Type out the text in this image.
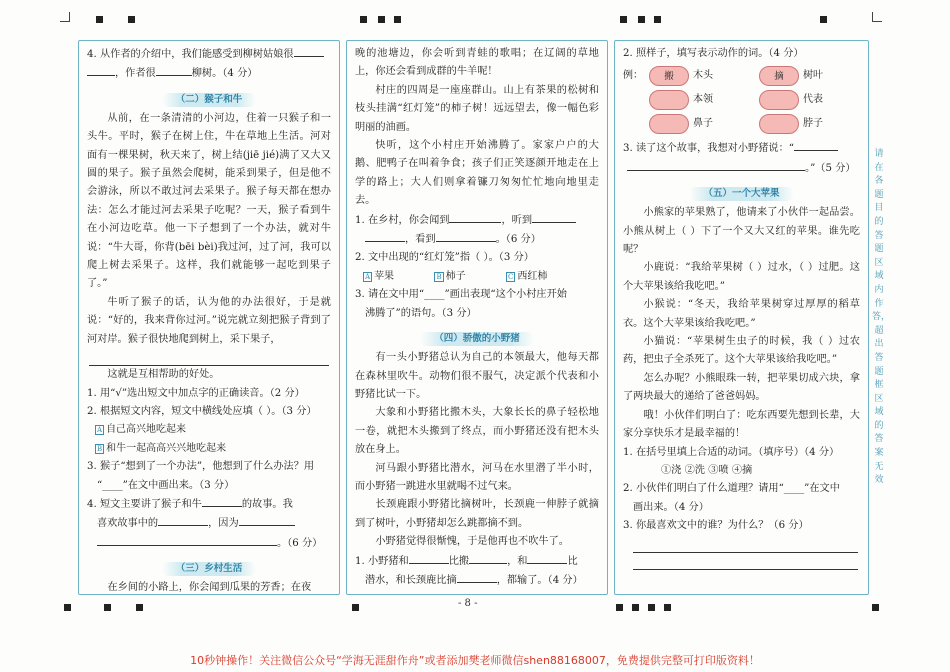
4. 从作者的介绍中，我们能感受到柳树姑娘很
，作者很	柳树。（4 分）
（二）猴子和牛
从前，在一条清清的小河边，住着一只猴子和一头牛。平时，猴子在树上住，牛在草地上生活。河对面有一棵果树，秋天来了，树上结(jiē jié)满了又大又圆的果子。猴子虽然会爬树，能采到果子，但是他不会游泳，所以不敢过河去采果子。猴子每天都在想办法：怎么才能过河去采果子吃呢？一天，猴子看到牛在小河边吃草。他一下子想到了一个办法，就对牛说：“牛大哥，你背(bēi bèi)我过河，过了河，我可以爬上树去采果子。这样，我们就能够一起吃到果子了。”
牛听了猴子的话，认为他的办法很好，于是就说：“好的，我来背你过河。”说完就立刻把猴子背到了河对岸。猴子很快地爬到树上，采下果子，
这就是互相帮助的好处。
1. 用“√”选出短文中加点字的正确读音。（2 分）
2. 根据短文内容，短文中横线处应填（ ）。（3 分）
A 自己高兴地吃起来
B 和牛一起高高兴兴地吃起来
3. 猴子“想到了一个办法”，他想到了什么办法？用
“____”在文中画出来。（3 分）
4. 短文主要讲了猴子和牛	的故事。我
喜欢故事中的	，因为
。（6 分）
（三）乡村生活
在乡间的小路上，你会闻到瓜果的芳香；在夜
晚的池塘边，你会听到青蛙的歌唱；在辽阔的草地上，你还会看到成群的牛羊呢！
村庄的四周是一座座群山。山上有茶果的松树和枝头挂满“红灯笼”的柿子树！远远望去，像一幅色彩明丽的油画。
快听，这个小村庄开始沸腾了。家家户户的大鹅、肥鸭子在叫着争食；孩子们正笑逐颜开地走在上学的路上；大人们则拿着镰刀匆匆忙忙地向地里走去。
1. 在乡村，你会闻到	，听到
，看到	。（6 分）
2. 文中出现的“红灯笼”指（ ）。（3 分）
A 苹果	B 柿子	C 西红柿
3. 请在文中用“____”画出表现“这个小村庄开始
沸腾了”的语句。（3 分）
（四）骄傲的小野猪
有一头小野猪总认为自己的本领最大，他每天都在森林里吹牛。动物们很不服气，决定派个代表和小野猪比试一下。
大象和小野猪比搬木头，大象长长的鼻子轻松地一卷，就把木头搬到了终点，而小野猪还没有把木头放在身上。
河马跟小野猪比潜水，河马在水里潜了半小时，而小野猪一跳进水里就喝不过气来。
长颈鹿跟小野猪比摘树叶，长颈鹿一伸脖子就摘到了树叶，小野猪却怎么跳都摘不到。
小野猪觉得很惭愧，于是他再也不吹牛了。
1. 小野猪和	比搬	，和	比
潜水，和长颈鹿比摘	，都输了。（4 分）
2. 照样子，填写表示动作的词。（4 分）
例：	搬	木头	摘	树叶
本领	代表
鼻子	脖子
3. 读了这个故事，我想对小野猪说：“
。”（5 分）
（五）一个大苹果
小熊家的苹果熟了，他请来了小伙伴一起品尝。小熊从树上（ ）下了一个又大又红的苹果。谁先吃呢？
小鹿说：“我给苹果树（ ）过水，（ ）过肥。这个大苹果该给我吃吧。”
小猴说：“冬天，我给苹果树穿过厚厚的稻草衣。这个大苹果该给我吃吧。”
小猫说：“苹果树生虫子的时候，我（ ）过农药，把虫子全杀死了。这个大苹果该给我吃吧。”
怎么办呢？小熊眼珠一转，把苹果切成六块，拿了两块最大的递给了爸爸妈妈。
哦！小伙伴们明白了：吃东西要先想到长辈，大家分享快乐才是最幸福的！
1. 在括号里填上合适的动词。（填序号）（4 分）
①浇 ②洗 ③喷 ④摘
2. 小伙伴们明白了什么道理？请用“____”在文中
画出来。（4 分）
3. 你最喜欢文中的谁？为什么？（6 分）
请在各题目的答题区域内作答，超出答题框区域的答案无效
- 8 -
10秒钟操作！关注微信公众号“学海无涯甜作舟”或者添加樊老师微信shen88168007，免费提供完整可打印版资料！
